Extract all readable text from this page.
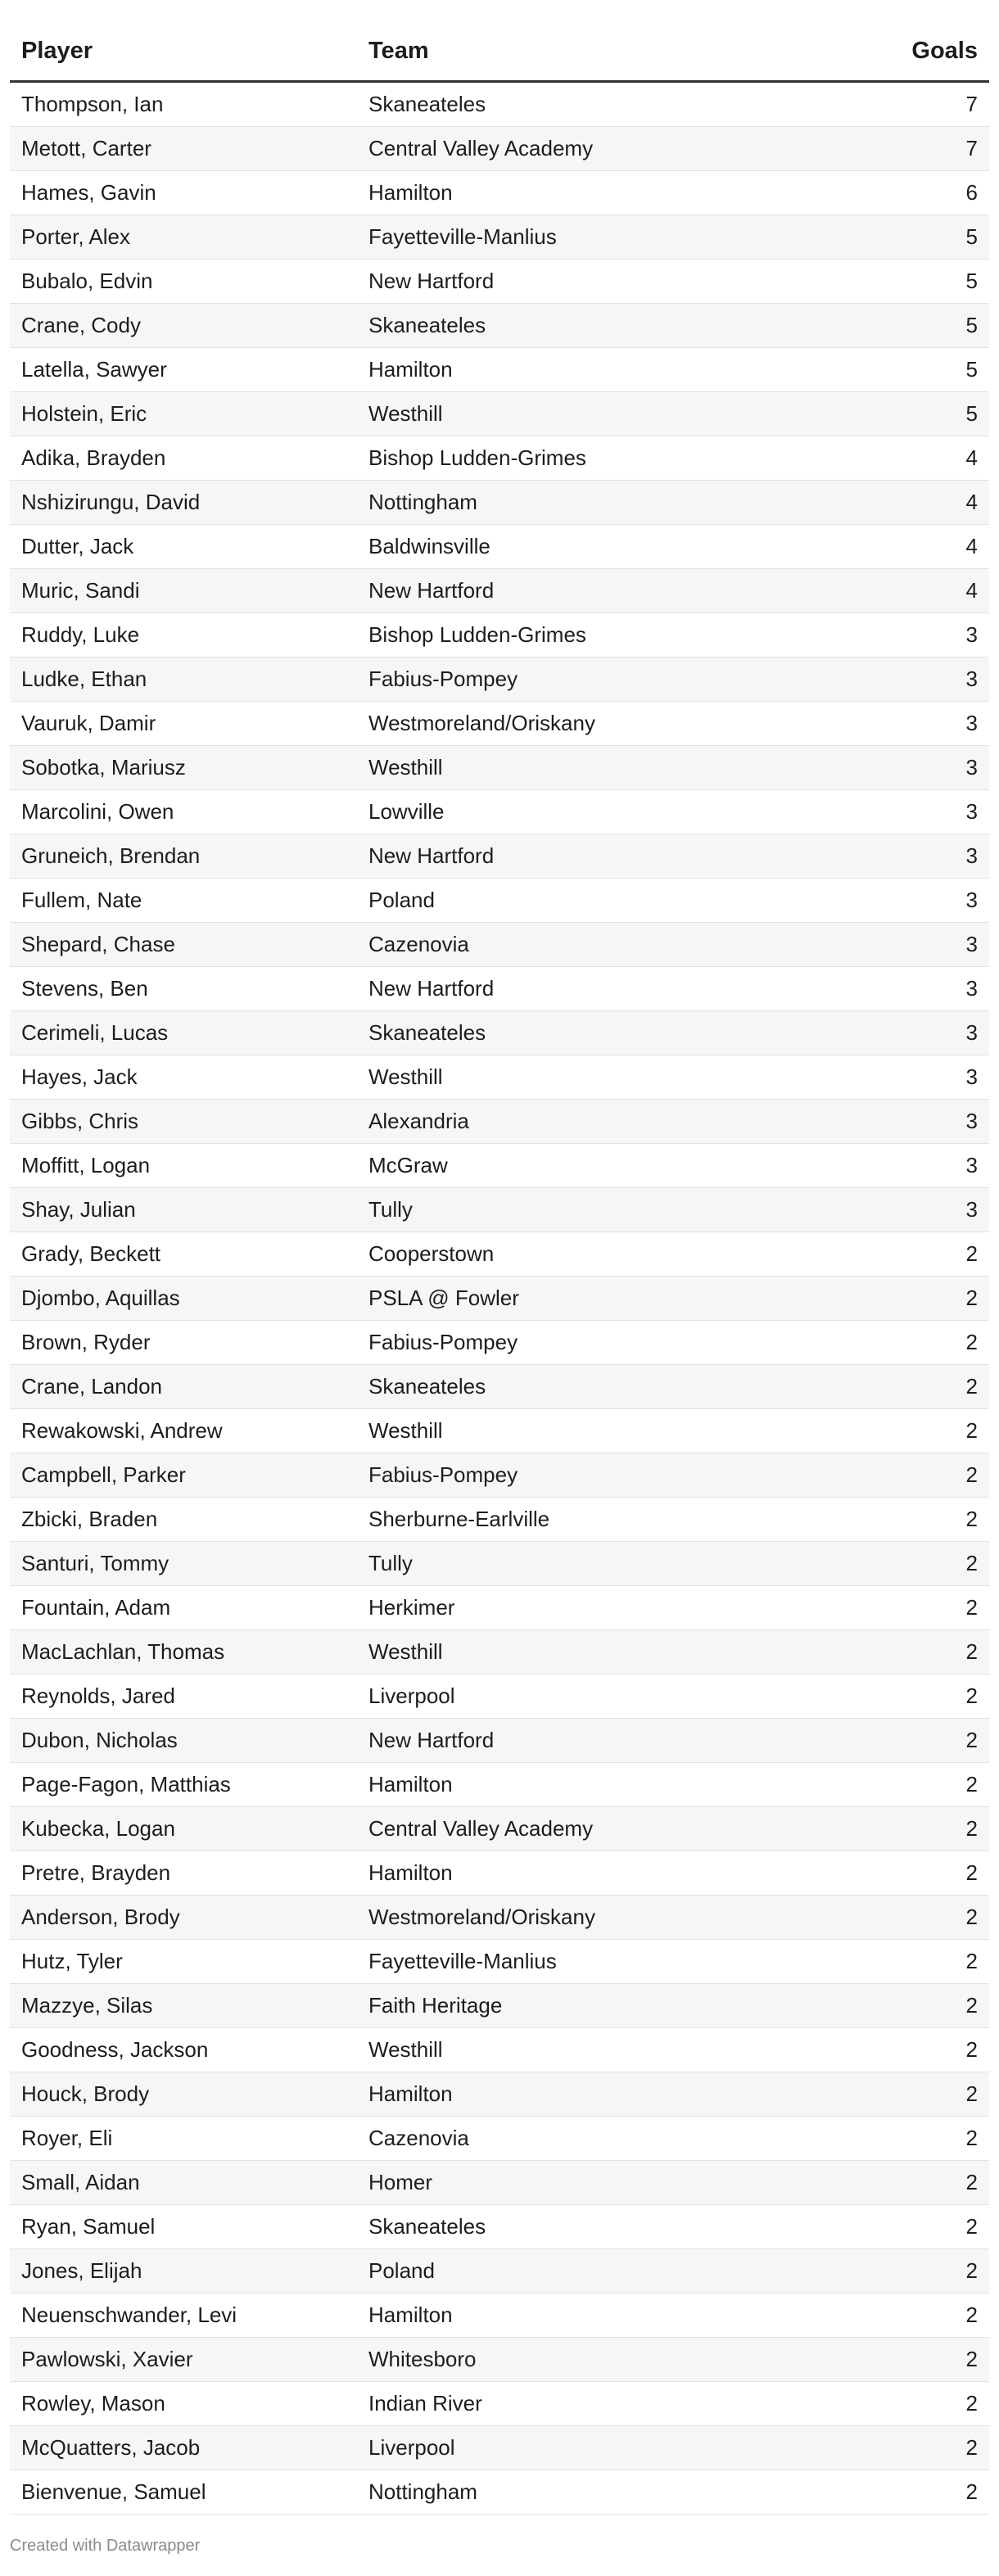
Player	Team	Goals
Thompson, Ian	Skaneateles	7
Metott, Carter	Central Valley Academy	7
Hames, Gavin	Hamilton	6
Porter, Alex	Fayetteville-Manlius	5
Bubalo, Edvin	New Hartford	5
Crane, Cody	Skaneateles	5
Latella, Sawyer	Hamilton	5
Holstein, Eric	Westhill	5
Adika, Brayden	Bishop Ludden-Grimes	4
Nshizirungu, David	Nottingham	4
Dutter, Jack	Baldwinsville	4
Muric, Sandi	New Hartford	4
Ruddy, Luke	Bishop Ludden-Grimes	3
Ludke, Ethan	Fabius-Pompey	3
Vauruk, Damir	Westmoreland/Oriskany	3
Sobotka, Mariusz	Westhill	3
Marcolini, Owen	Lowville	3
Gruneich, Brendan	New Hartford	3
Fullem, Nate	Poland	3
Shepard, Chase	Cazenovia	3
Stevens, Ben	New Hartford	3
Cerimeli, Lucas	Skaneateles	3
Hayes, Jack	Westhill	3
Gibbs, Chris	Alexandria	3
Moffitt, Logan	McGraw	3
Shay, Julian	Tully	3
Grady, Beckett	Cooperstown	2
Djombo, Aquillas	PSLA @ Fowler	2
Brown, Ryder	Fabius-Pompey	2
Crane, Landon	Skaneateles	2
Rewakowski, Andrew	Westhill	2
Campbell, Parker	Fabius-Pompey	2
Zbicki, Braden	Sherburne-Earlville	2
Santuri, Tommy	Tully	2
Fountain, Adam	Herkimer	2
MacLachlan, Thomas	Westhill	2
Reynolds, Jared	Liverpool	2
Dubon, Nicholas	New Hartford	2
Page-Fagon, Matthias	Hamilton	2
Kubecka, Logan	Central Valley Academy	2
Pretre, Brayden	Hamilton	2
Anderson, Brody	Westmoreland/Oriskany	2
Hutz, Tyler	Fayetteville-Manlius	2
Mazzye, Silas	Faith Heritage	2
Goodness, Jackson	Westhill	2
Houck, Brody	Hamilton	2
Royer, Eli	Cazenovia	2
Small, Aidan	Homer	2
Ryan, Samuel	Skaneateles	2
Jones, Elijah	Poland	2
Neuenschwander, Levi	Hamilton	2
Pawlowski, Xavier	Whitesboro	2
Rowley, Mason	Indian River	2
McQuatters, Jacob	Liverpool	2
Bienvenue, Samuel	Nottingham	2
Created with Datawrapper
